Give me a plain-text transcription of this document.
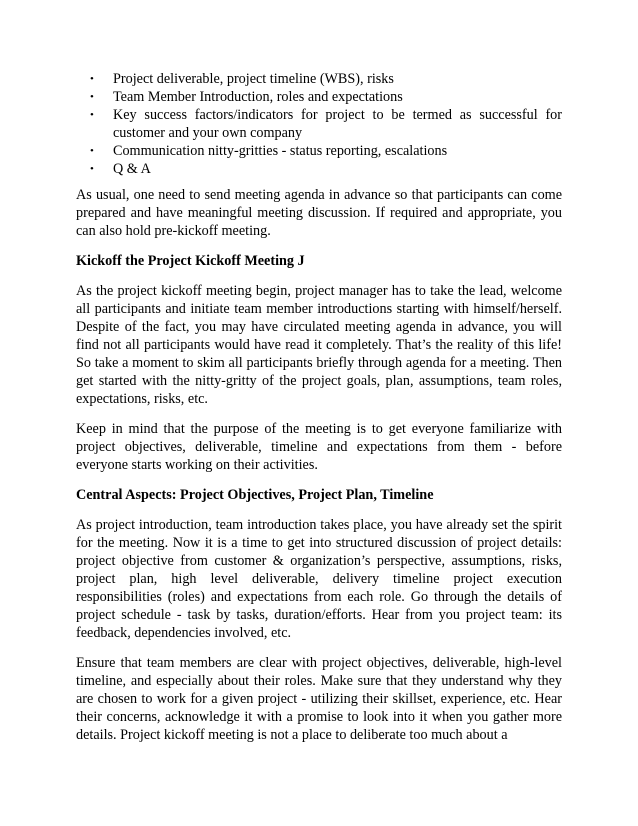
• Project deliverable, project timeline (WBS), risks
• Team Member Introduction, roles and expectations
• Key success factors/indicators for project to be termed as successful for customer and your own company
• Communication nitty-gritties - status reporting, escalations
• Q & A

As usual, one need to send meeting agenda in advance so that participants can come prepared and have meaningful meeting discussion. If required and appropriate, you can also hold pre-kickoff meeting.

Kickoff the Project Kickoff Meeting J

As the project kickoff meeting begin, project manager has to take the lead, welcome all participants and initiate team member introductions starting with himself/herself. Despite of the fact, you may have circulated meeting agenda in advance, you will find not all participants would have read it completely. That’s the reality of this life! So take a moment to skim all participants briefly through agenda for a meeting. Then get started with the nitty-gritty of the project goals, plan, assumptions, team roles, expectations, risks, etc.

Keep in mind that the purpose of the meeting is to get everyone familiarize with project objectives, deliverable, timeline and expectations from them - before everyone starts working on their activities.

Central Aspects: Project Objectives, Project Plan, Timeline

As project introduction, team introduction takes place, you have already set the spirit for the meeting. Now it is a time to get into structured discussion of project details: project objective from customer & organization’s perspective, assumptions, risks, project plan, high level deliverable, delivery timeline project execution responsibilities (roles) and expectations from each role. Go through the details of project schedule - task by tasks, duration/efforts. Hear from you project team: its feedback, dependencies involved, etc.

Ensure that team members are clear with project objectives, deliverable, high-level timeline, and especially about their roles. Make sure that they understand why they are chosen to work for a given project - utilizing their skillset, experience, etc. Hear their concerns, acknowledge it with a promise to look into it when you gather more details. Project kickoff meeting is not a place to deliberate too much about a
